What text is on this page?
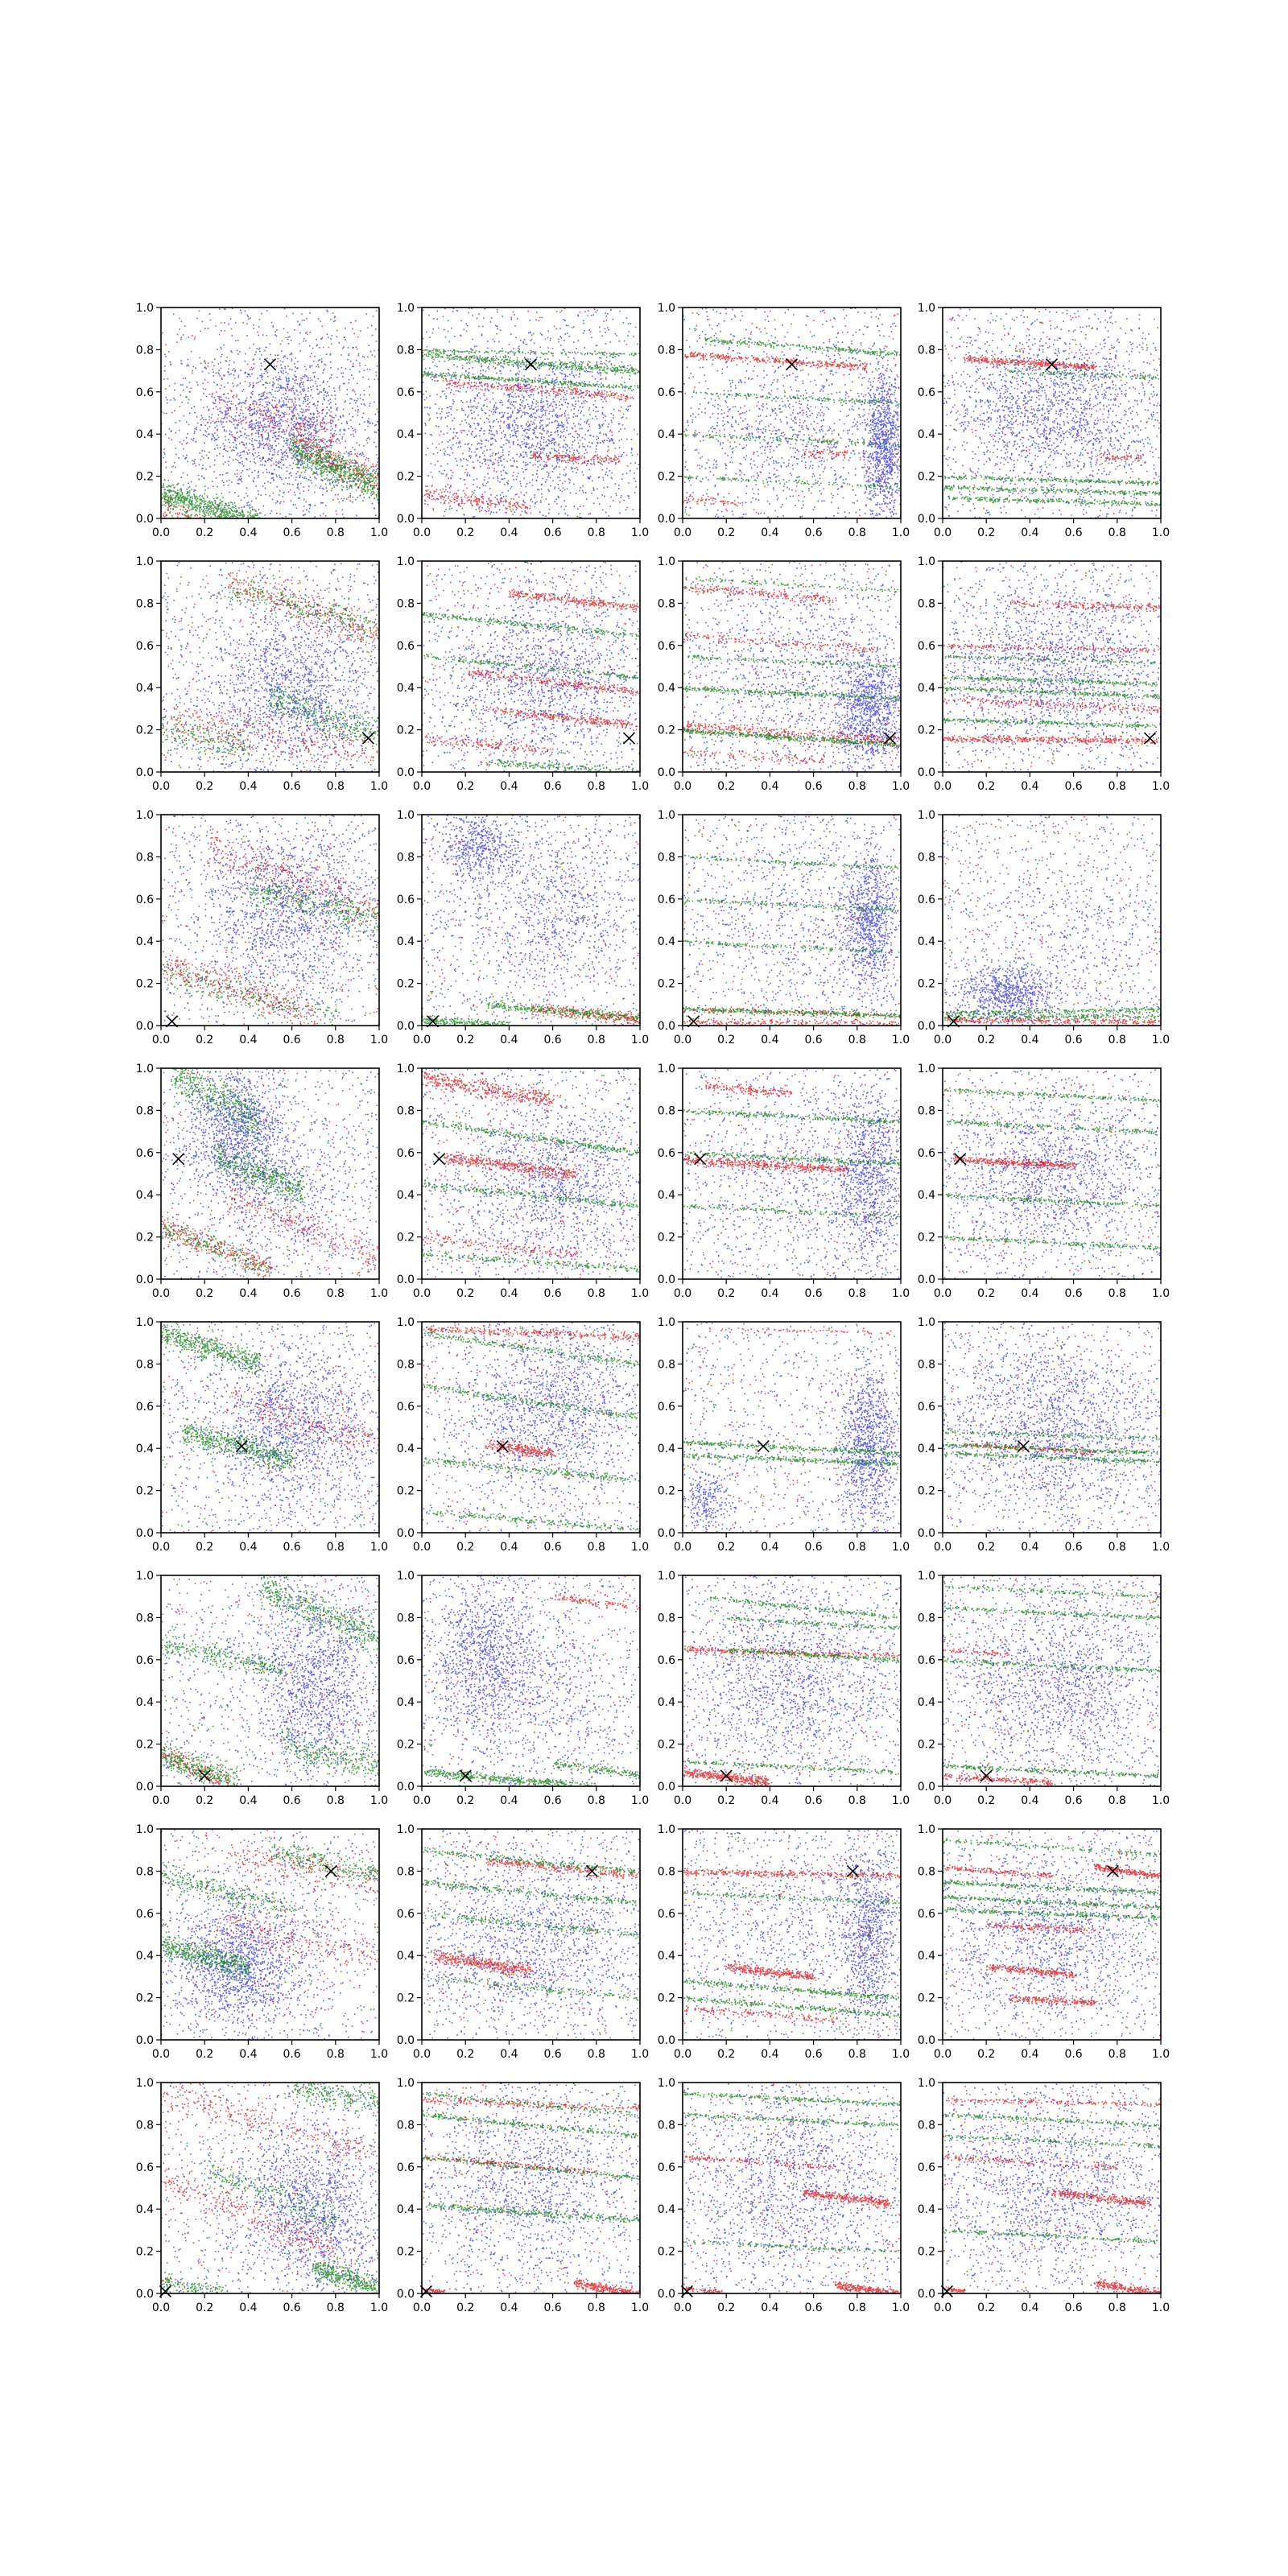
0.0
0.0
0.2
0.2
0.4
0.4
0.6
0.6
0.8
0.8
1.0
1.0
0.0
0.0
0.2
0.2
0.4
0.4
0.6
0.6
0.8
0.8
1.0
1.0
0.0
0.0
0.2
0.2
0.4
0.4
0.6
0.6
0.8
0.8
1.0
1.0
0.0
0.0
0.2
0.2
0.4
0.4
0.6
0.6
0.8
0.8
1.0
1.0
0.0
0.0
0.2
0.2
0.4
0.4
0.6
0.6
0.8
0.8
1.0
1.0
0.0
0.0
0.2
0.2
0.4
0.4
0.6
0.6
0.8
0.8
1.0
1.0
0.0
0.0
0.2
0.2
0.4
0.4
0.6
0.6
0.8
0.8
1.0
1.0
0.0
0.0
0.2
0.2
0.4
0.4
0.6
0.6
0.8
0.8
1.0
1.0
0.0
0.0
0.2
0.2
0.4
0.4
0.6
0.6
0.8
0.8
1.0
1.0
0.0
0.0
0.2
0.2
0.4
0.4
0.6
0.6
0.8
0.8
1.0
1.0
0.0
0.0
0.2
0.2
0.4
0.4
0.6
0.6
0.8
0.8
1.0
1.0
0.0
0.0
0.2
0.2
0.4
0.4
0.6
0.6
0.8
0.8
1.0
1.0
0.0
0.0
0.2
0.2
0.4
0.4
0.6
0.6
0.8
0.8
1.0
1.0
0.0
0.0
0.2
0.2
0.4
0.4
0.6
0.6
0.8
0.8
1.0
1.0
0.0
0.0
0.2
0.2
0.4
0.4
0.6
0.6
0.8
0.8
1.0
1.0
0.0
0.0
0.2
0.2
0.4
0.4
0.6
0.6
0.8
0.8
1.0
1.0
0.0
0.0
0.2
0.2
0.4
0.4
0.6
0.6
0.8
0.8
1.0
1.0
0.0
0.0
0.2
0.2
0.4
0.4
0.6
0.6
0.8
0.8
1.0
1.0
0.0
0.0
0.2
0.2
0.4
0.4
0.6
0.6
0.8
0.8
1.0
1.0
0.0
0.0
0.2
0.2
0.4
0.4
0.6
0.6
0.8
0.8
1.0
1.0
0.0
0.0
0.2
0.2
0.4
0.4
0.6
0.6
0.8
0.8
1.0
1.0
0.0
0.0
0.2
0.2
0.4
0.4
0.6
0.6
0.8
0.8
1.0
1.0
0.0
0.0
0.2
0.2
0.4
0.4
0.6
0.6
0.8
0.8
1.0
1.0
0.0
0.0
0.2
0.2
0.4
0.4
0.6
0.6
0.8
0.8
1.0
1.0
0.0
0.0
0.2
0.2
0.4
0.4
0.6
0.6
0.8
0.8
1.0
1.0
0.0
0.0
0.2
0.2
0.4
0.4
0.6
0.6
0.8
0.8
1.0
1.0
0.0
0.0
0.2
0.2
0.4
0.4
0.6
0.6
0.8
0.8
1.0
1.0
0.0
0.0
0.2
0.2
0.4
0.4
0.6
0.6
0.8
0.8
1.0
1.0
0.0
0.0
0.2
0.2
0.4
0.4
0.6
0.6
0.8
0.8
1.0
1.0
0.0
0.0
0.2
0.2
0.4
0.4
0.6
0.6
0.8
0.8
1.0
1.0
0.0
0.0
0.2
0.2
0.4
0.4
0.6
0.6
0.8
0.8
1.0
1.0
0.0
0.0
0.2
0.2
0.4
0.4
0.6
0.6
0.8
0.8
1.0
1.0
